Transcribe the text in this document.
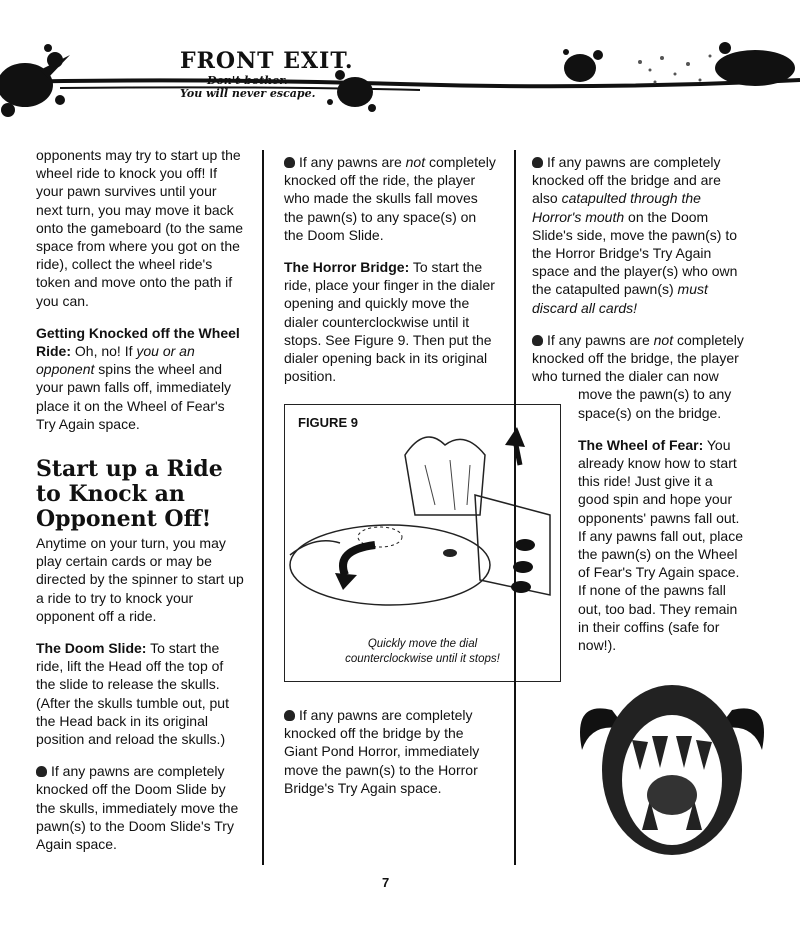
FRONT EXIT.
Don't bother.
You will never escape.

opponents may try to start up the wheel ride to knock you off! If your pawn survives until your next turn, you may move it back onto the gameboard (to the same space from where you got on the ride), collect the wheel ride's token and move onto the path if you can.

Getting Knocked off the Wheel Ride: Oh, no! If you or an opponent spins the wheel and your pawn falls off, immediately place it on the Wheel of Fear's Try Again space.

Start up a Ride to Knock an Opponent Off!

Anytime on your turn, you may play certain cards or may be directed by the spinner to start up a ride to try to knock your opponent off a ride.

The Doom Slide: To start the ride, lift the Head off the top of the slide to release the skulls. (After the skulls tumble out, put the Head back in its original position and reload the skulls.)

If any pawns are completely knocked off the Doom Slide by the skulls, immediately move the pawn(s) to the Doom Slide's Try Again space.

If any pawns are not completely knocked off the ride, the player who made the skulls fall moves the pawn(s) to any space(s) on the Doom Slide.

The Horror Bridge: To start the ride, place your finger in the dialer opening and quickly move the dialer counterclockwise until it stops. See Figure 9. Then put the dialer opening back in its original position.

FIGURE 9
Quickly move the dial
counterclockwise until it stops!

If any pawns are completely knocked off the bridge by the Giant Pond Horror, immediately move the pawn(s) to the Horror Bridge's Try Again space.

If any pawns are completely knocked off the bridge and are also catapulted through the Horror's mouth on the Doom Slide's side, move the pawn(s) to the Horror Bridge's Try Again space and the player(s) who own the catapulted pawn(s) must discard all cards!

If any pawns are not completely knocked off the bridge, the player who turned the dialer can now

move the pawn(s) to any space(s) on the bridge.

The Wheel of Fear: You already know how to start this ride! Just give it a good spin and hope your opponents' pawns fall out. If any pawns fall out, place the pawn(s) on the Wheel of Fear's Try Again space. If none of the pawns fall out, too bad. They remain in their coffins (safe for now!).

7
